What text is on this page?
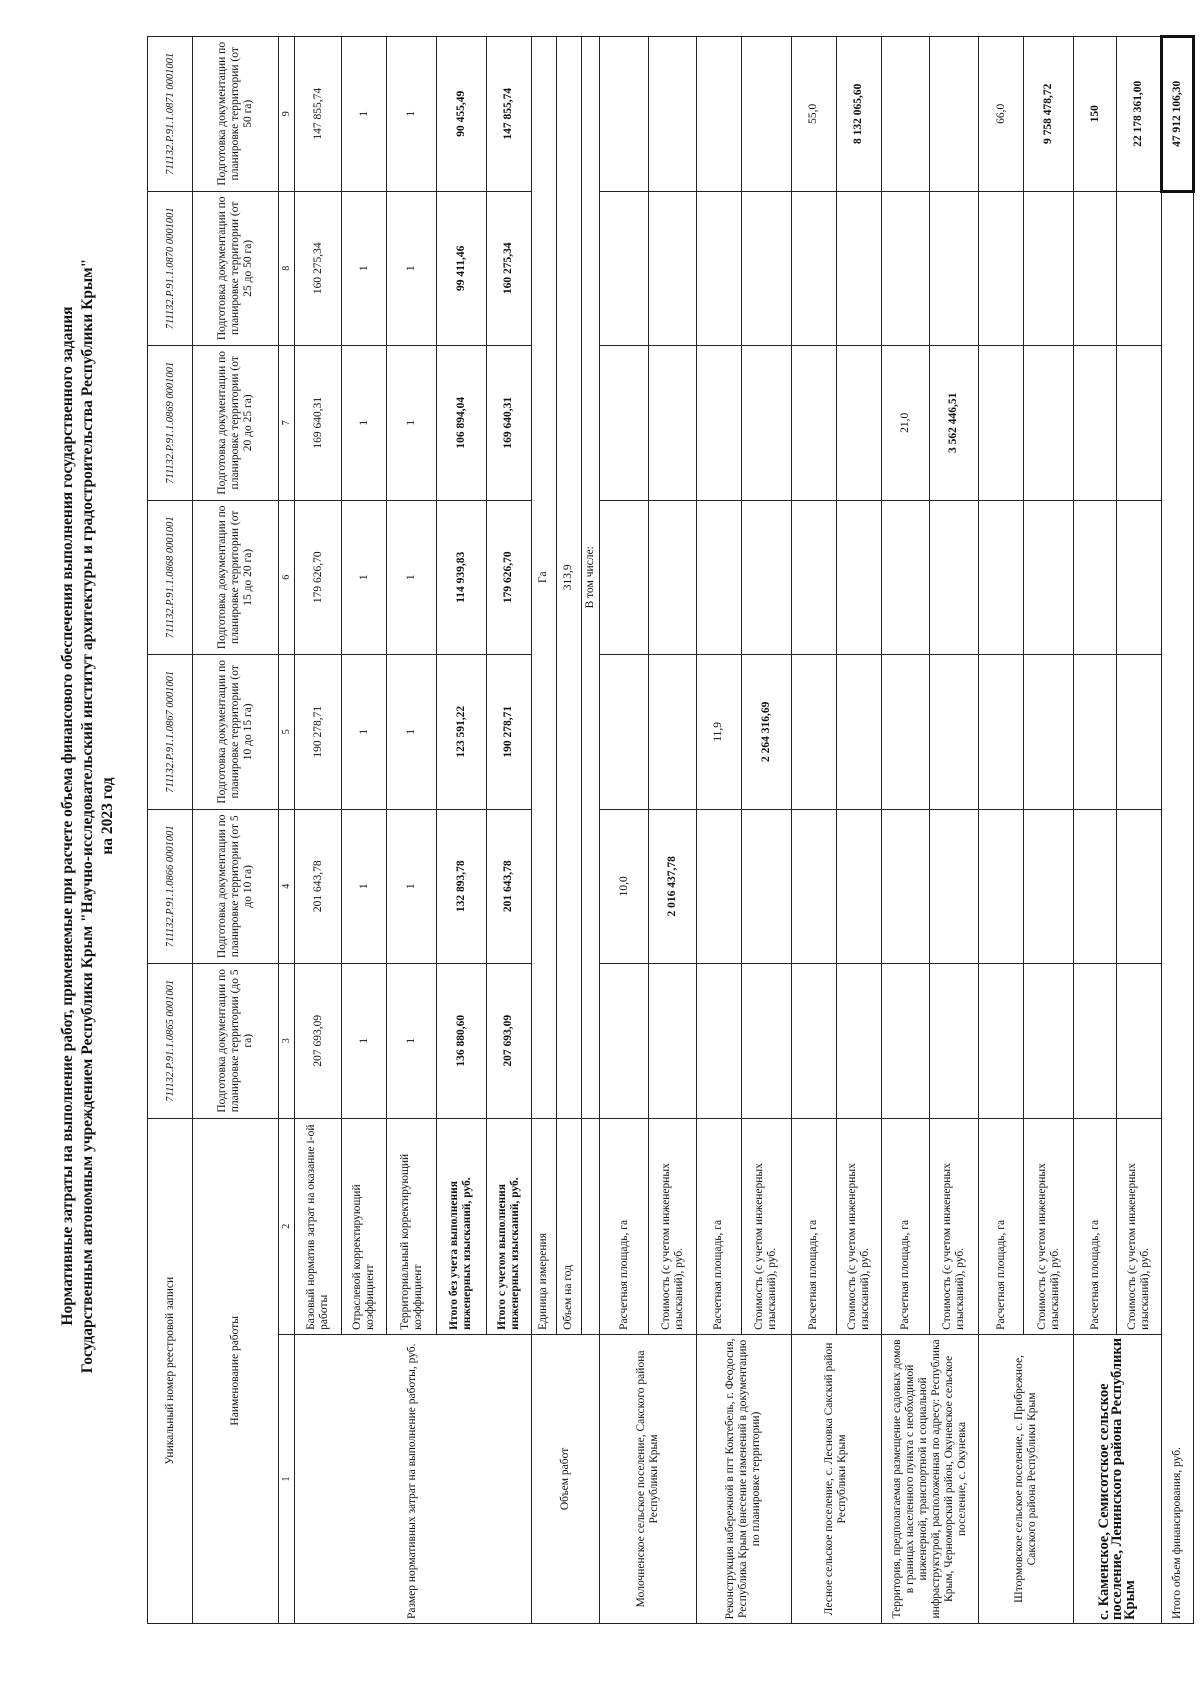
Нормативные затраты на выполнение работ, применяемые при расчете объема финансового обеспечения выполнения государственного задания Государственным автономным учреждением Республики Крым "Научно-исследовательский институт архитектуры и градостроительства Республики Крым" на 2023 год
Уникальный номер реестровой записи		711132.Р.91.1.0865 0001001	711132.Р.91.1.0866 0001001	711132.Р.91.1.0867 0001001	711132.Р.91.1.0868 0001001	711132.Р.91.1.0869 0001001	711132.Р.91.1.0870 0001001	711132.Р.91.1.0871 0001001
Наименование работы		Подготовка документации по планировке территории (до 5 га)	Подготовка документации по планировке территории (от 5 до 10 га)	Подготовка документации по планировке территории (от 10 до 15 га)	Подготовка документации по планировке территории (от 15 до 20 га)	Подготовка документации по планировке территории (от 20 до 25 га)	Подготовка документации по планировке территории (от 25 до 50 га)	Подготовка документации по планировке территории (от 50 га)
1	2	3	4	5	6	7	8	9
Размер нормативных затрат на выполнение работы, руб.	Базовый норматив затрат на оказание i-ой работы	207 693,09	201 643,78	190 278,71	179 626,70	169 640,31	160 275,34	147 855,74
	Отраслевой корректирующий коэффициент	1	1	1	1	1	1	1
	Территориальный корректирующий коэффициент	1	1	1	1	1	1	1
	Итого без учета выполнения инженерных изысканий, руб.	136 880,60	132 893,78	123 591,22	114 939,83	106 894,04	99 411,46	90 455,49
	Итого с учетом выполнения инженерных изысканий, руб.	207 693,09	201 643,78	190 278,71	179 626,70	169 640,31	160 275,34	147 855,74
Объем работ	Единица измерения	Га						
	Объем на год	313,9						
		В том числе:						
Молочненское сельское поселение, Сакского района Республики Крым	Расчетная площадь, га		10,0					
	Стоимость (с учетом инженерных изысканий), руб.		2 016 437,78					
Реконструкция набережной в пгт Коктебель, г. Феодосия, Республика Крым (внесение изменений в документацию по планировке территории)	Расчетная площадь, га			11,9				
	Стоимость (с учетом инженерных изысканий), руб.			2 264 316,69				
Лесное сельское поселение, с. Лесновка Сакский район Республики Крым	Расчетная площадь, га							55,0
	Стоимость (с учетом инженерных изысканий), руб.							8 132 065,60
Территория, предполагаемая размещение садовых домов в границах населенного пункта с необходимой инженерной, транспортной и социальной инфраструктурой, расположенная по адресу: Республика Крым, Черноморский район, Окуневское сельское поселение, с. Окуневка	Расчетная площадь, га					21,0		
	Стоимость (с учетом инженерных изысканий), руб.					3 562 446,51		
Штормовское сельское поселение, с. Прибрежное, Сакского района Республики Крым	Расчетная площадь, га							66,0
	Стоимость (с учетом инженерных изысканий), руб.							9 758 478,72
с. Каменское, Семисотское сельское поселение, Ленинского района Республики Крым	Расчетная площадь, га							150
	Стоимость (с учетом инженерных изысканий), руб.							22 178 361,00
Итого объем финансирования, руб.								47 912 106,30
